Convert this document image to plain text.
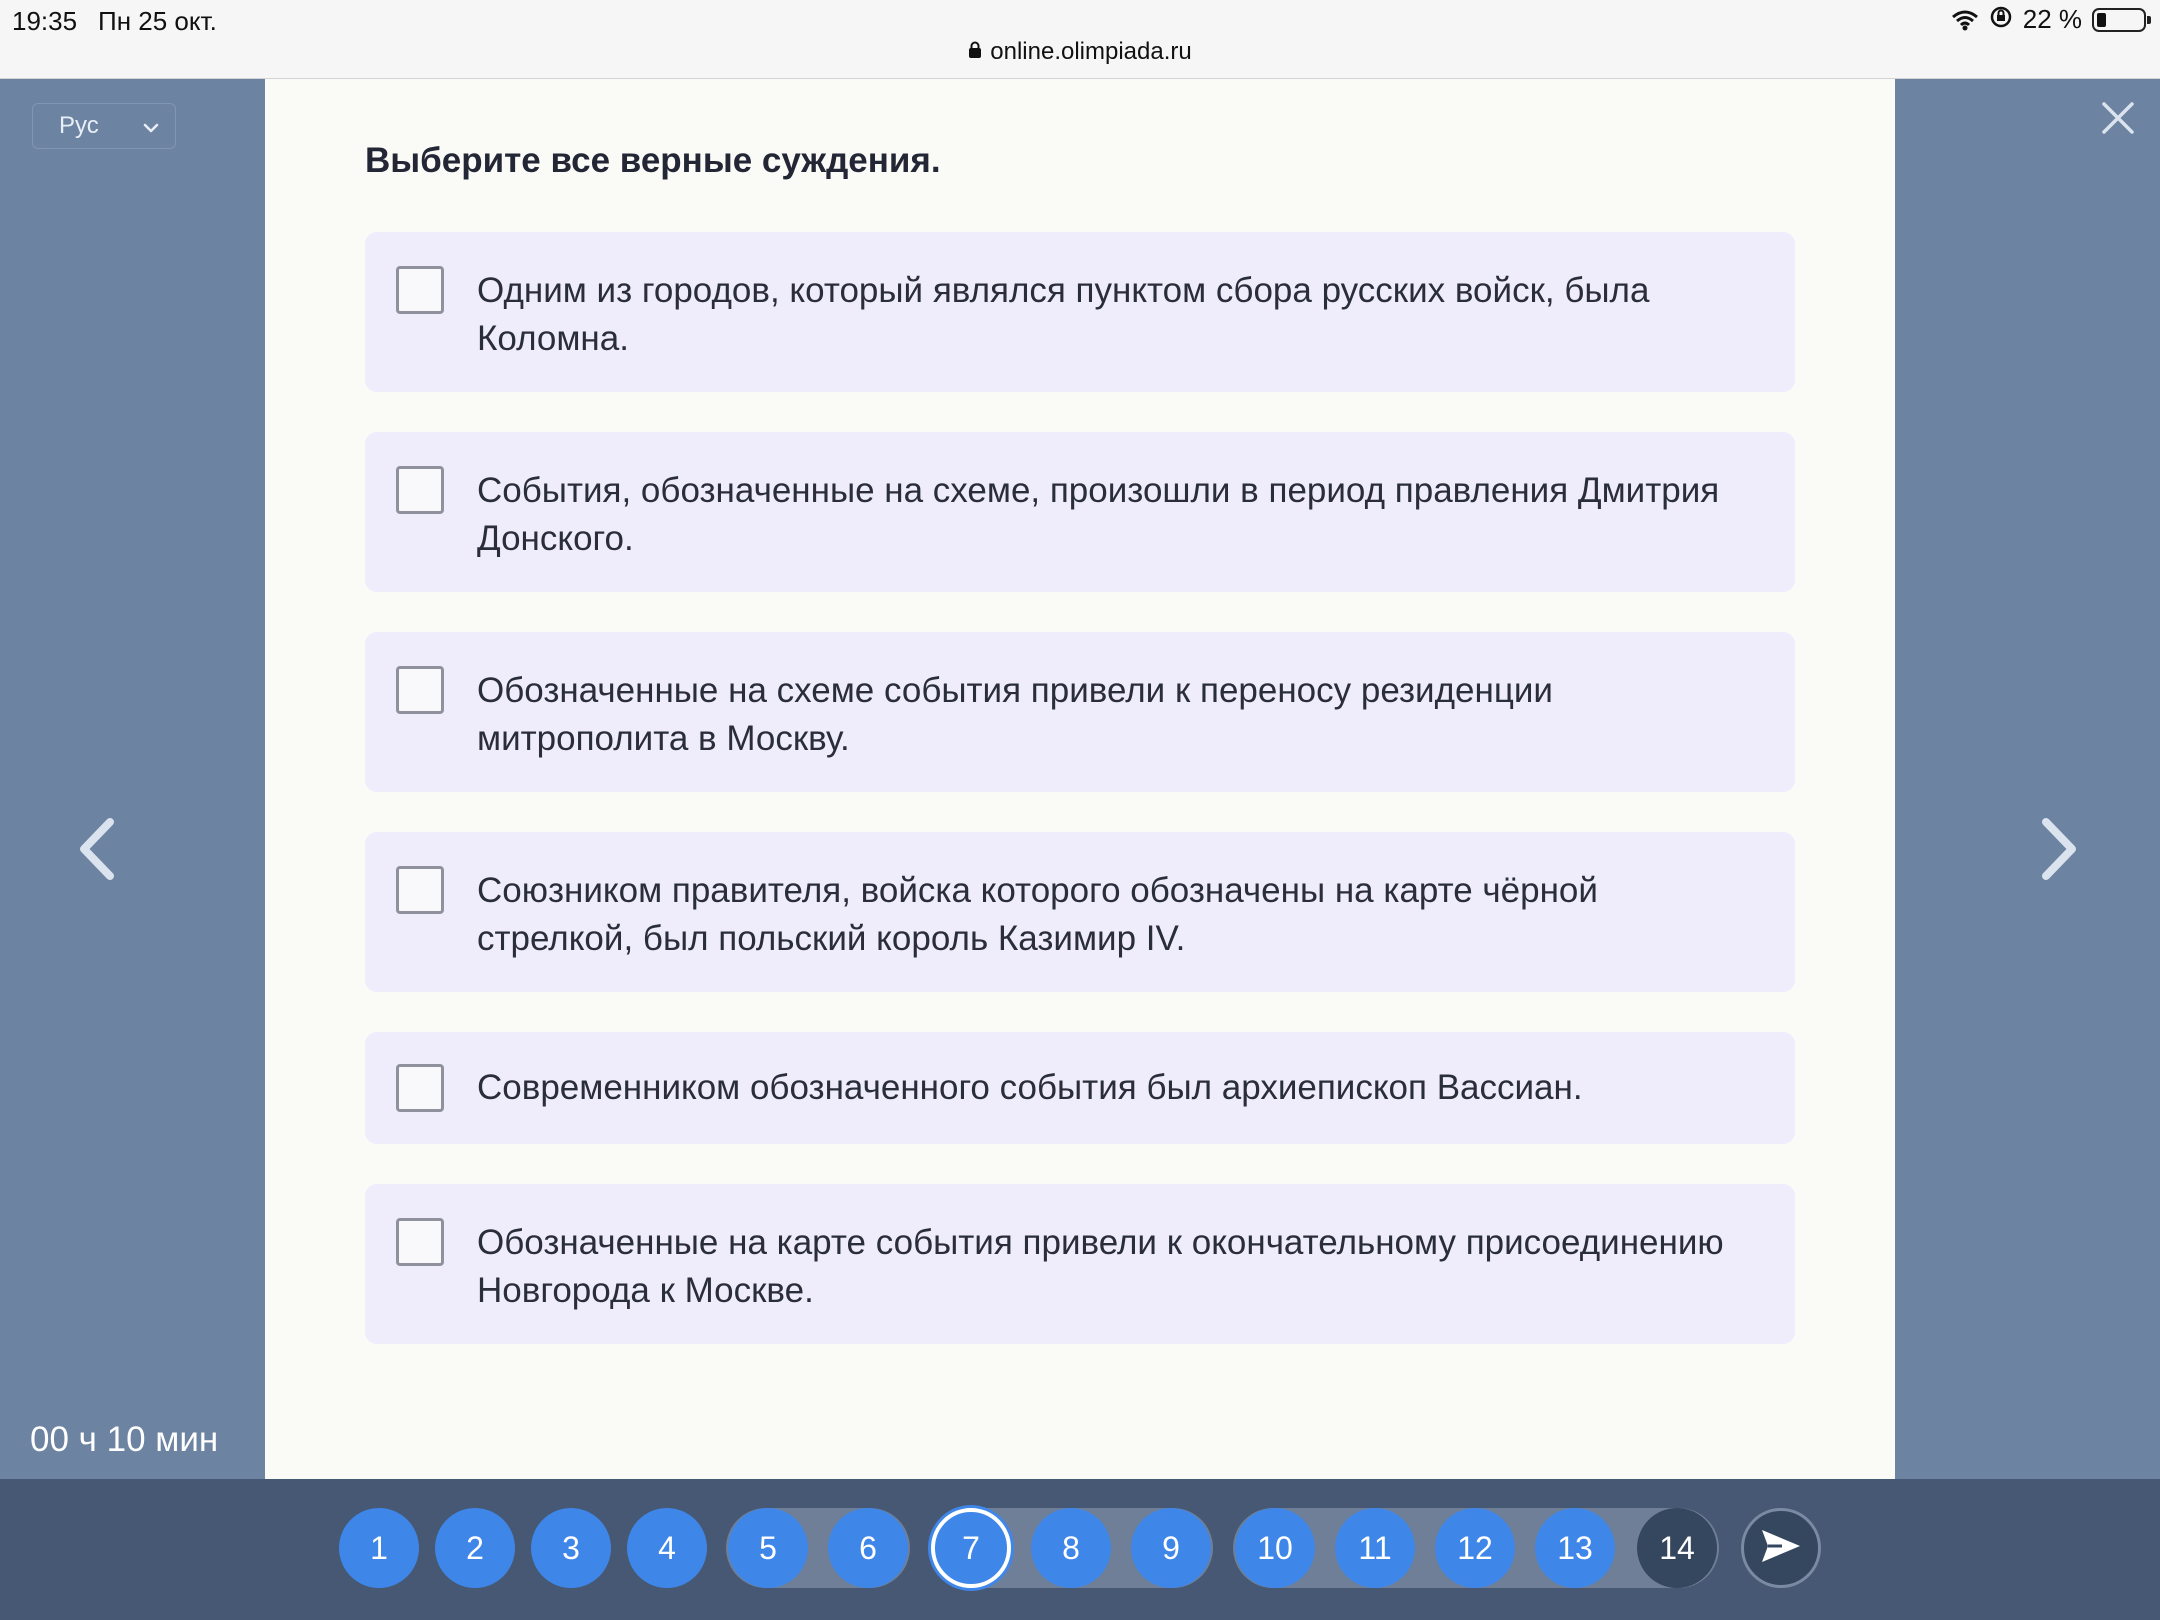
19:35 Пн 25 окт.	22 %
online.olimpiada.ru
Рус
00 ч 10 мин
Выберите все верные суждения.
Одним из городов, который являлся пунктом сбора русских войск, была Коломна.
События, обозначенные на схеме, произошли в период правления Дмитрия Донского.
Обозначенные на схеме события привели к переносу резиденции митрополита в Москву.
Союзником правителя, войска которого обозначены на карте чёрной стрелкой, был польский король Казимир IV.
Современником обозначенного события был архиепископ Вассиан.
Обозначенные на карте события привели к окончательному присоединению Новгорода к Москве.
1	2	3	4	5	6	7	8	9	10	11	12	13	14
